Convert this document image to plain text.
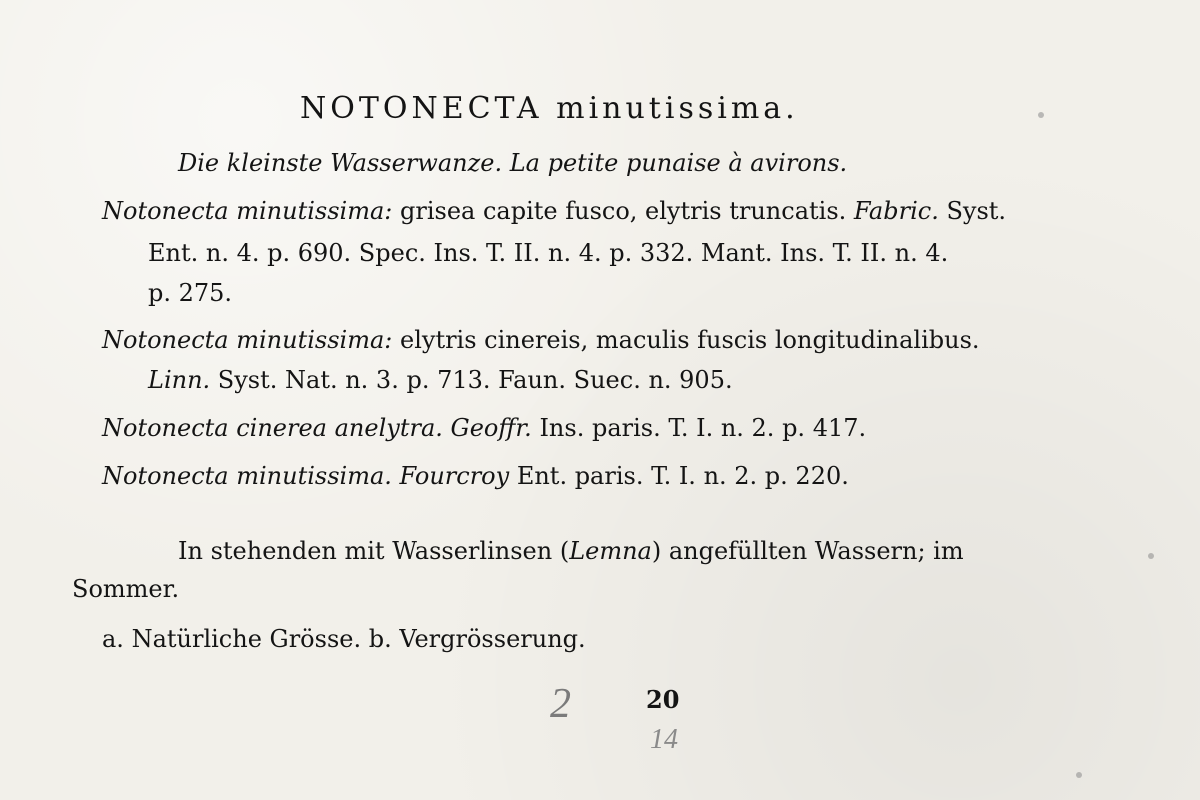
NOTONECTA minutissima.
Die kleinste Wasserwanze. La petite punaise à avirons.
Notonecta minutissima: grisea capite fusco, elytris truncatis. Fabric. Syst.
Ent. n. 4. p. 690. Spec. Ins. T. II. n. 4. p. 332. Mant. Ins. T. II. n. 4.
p. 275.
Notonecta minutissima: elytris cinereis, maculis fuscis longitudinalibus.
Linn. Syst. Nat. n. 3. p. 713. Faun. Suec. n. 905.
Notonecta cinerea anelytra. Geoffr. Ins. paris. T. I. n. 2. p. 417.
Notonecta minutissima. Fourcroy Ent. paris. T. I. n. 2. p. 220.
In stehenden mit Wasserlinsen (Lemna) angefüllten Wassern; im
Sommer.
a. Natürliche Grösse. b. Vergrösserung.
20
2
14
